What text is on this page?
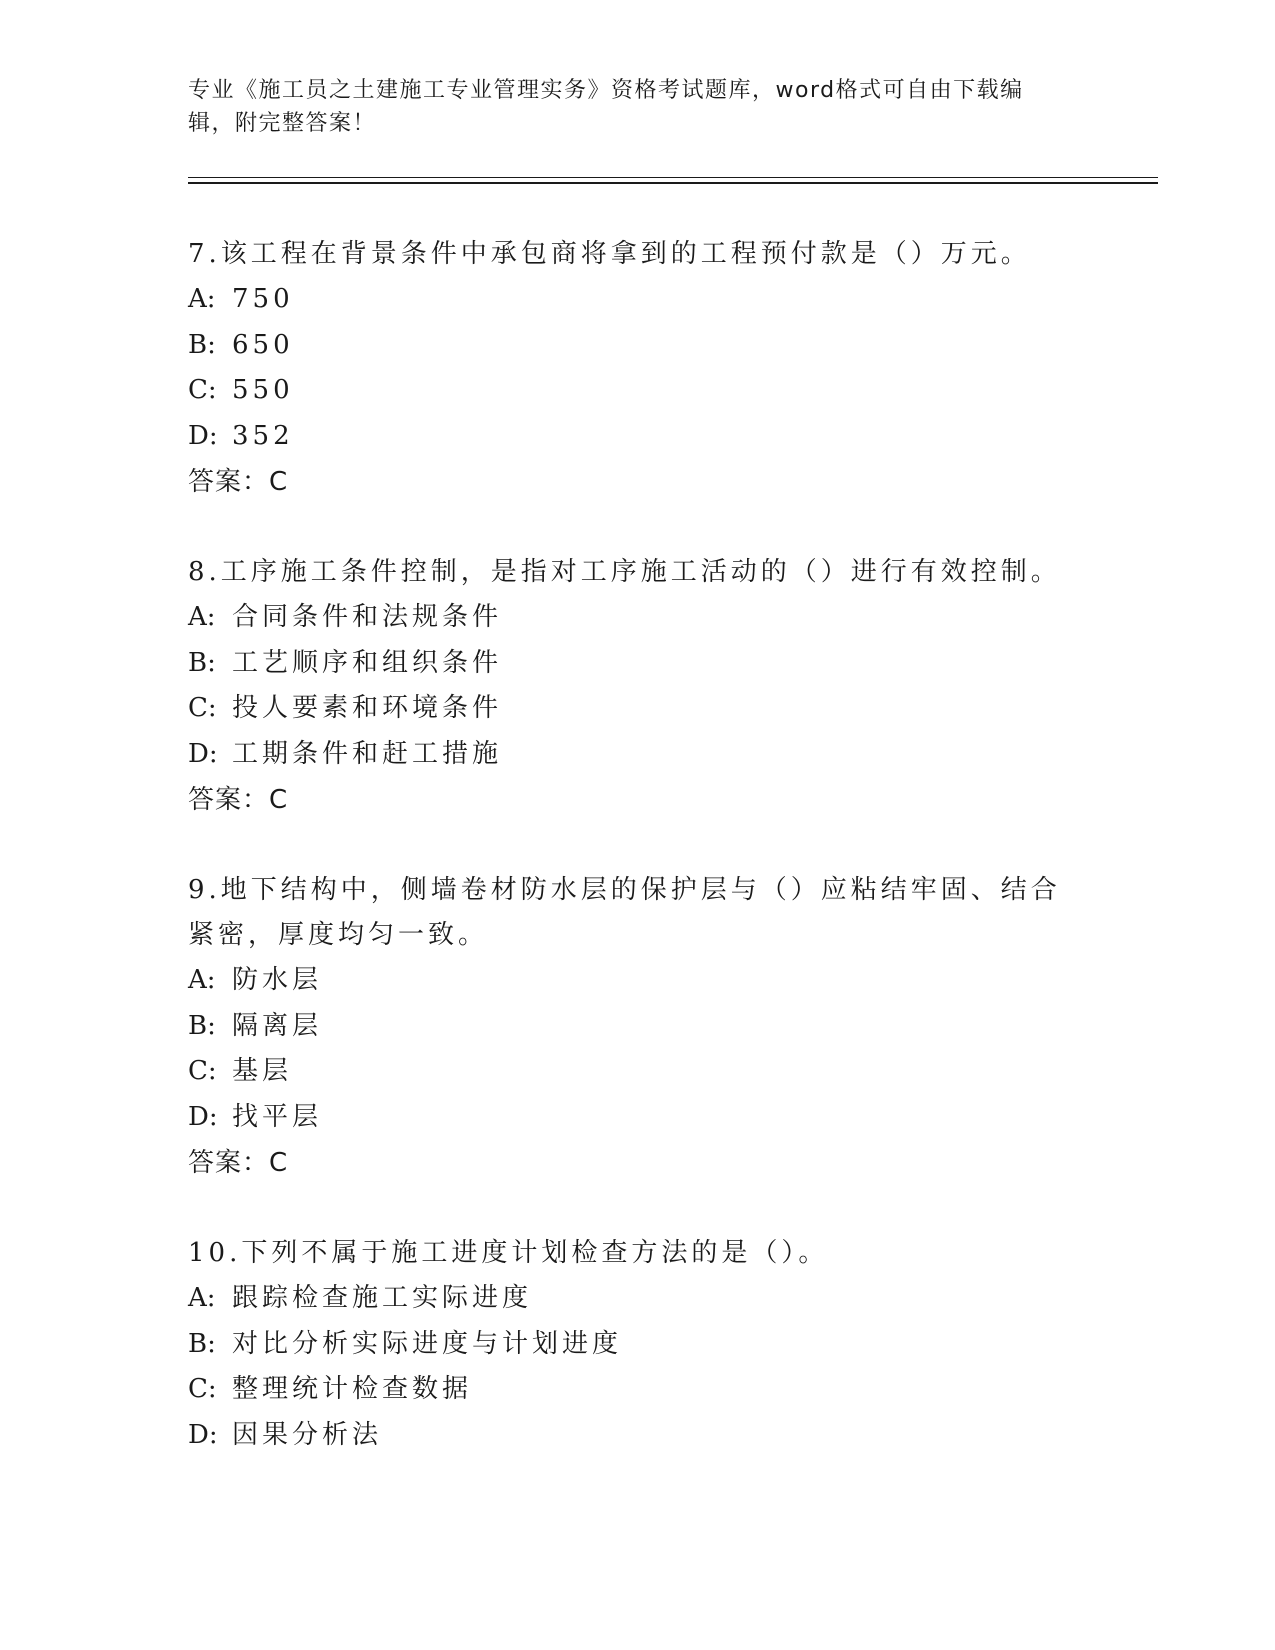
专业《施工员之土建施工专业管理实务》资格考试题库，word格式可自由下载编
辑，附完整答案！

7.该工程在背景条件中承包商将拿到的工程预付款是（）万元。

A: 750

B: 650

C: 550

D: 352

答案：C

8.工序施工条件控制，是指对工序施工活动的（）进行有效控制。

A: 合同条件和法规条件

B: 工艺顺序和组织条件

C: 投人要素和环境条件

D: 工期条件和赶工措施

答案：C

9.地下结构中，侧墙卷材防水层的保护层与（）应粘结牢固、结合紧密，厚度均匀一致。

A: 防水层

B: 隔离层

C: 基层

D: 找平层

答案：C

10.下列不属于施工进度计划检查方法的是（）。

A: 跟踪检查施工实际进度

B: 对比分析实际进度与计划进度

C: 整理统计检查数据

D: 因果分析法
